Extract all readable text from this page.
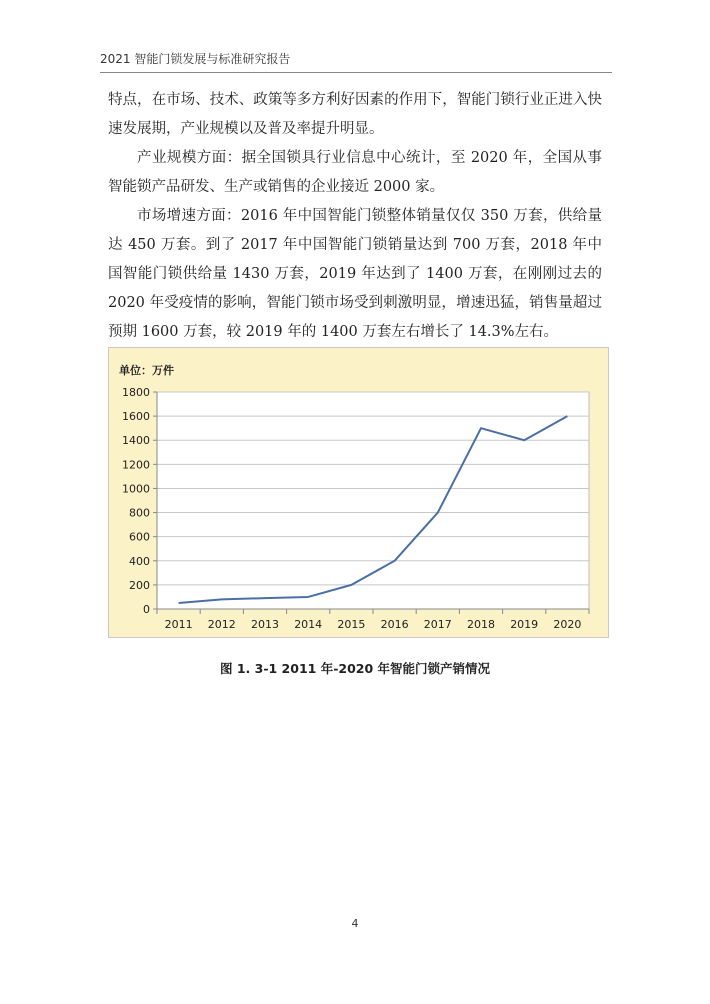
2021 智能门锁发展与标准研究报告

特点，在市场、技术、政策等多方利好因素的作用下，智能门锁行业正进入快速发展期，产业规模以及普及率提升明显。

产业规模方面：据全国锁具行业信息中心统计，至 2020 年，全国从事智能锁产品研发、生产或销售的企业接近 2000 家。

市场增速方面：2016 年中国智能门锁整体销量仅仅 350 万套，供给量达 450 万套。到了 2017 年中国智能门锁销量达到 700 万套，2018 年中国智能门锁供给量 1430 万套，2019 年达到了 1400 万套，在刚刚过去的 2020 年受疫情的影响，智能门锁市场受到刺激明显，增速迅猛，销售量超过预期 1600 万套，较 2019 年的 1400 万套左右增长了 14.3%左右。

单位：万件
0
200
400
600
800
1000
1200
1400
1600
1800
2011 2012 2013 2014 2015 2016 2017 2018 2019 2020
图 1. 3-1 2011 年-2020 年智能门锁产销情况
4
